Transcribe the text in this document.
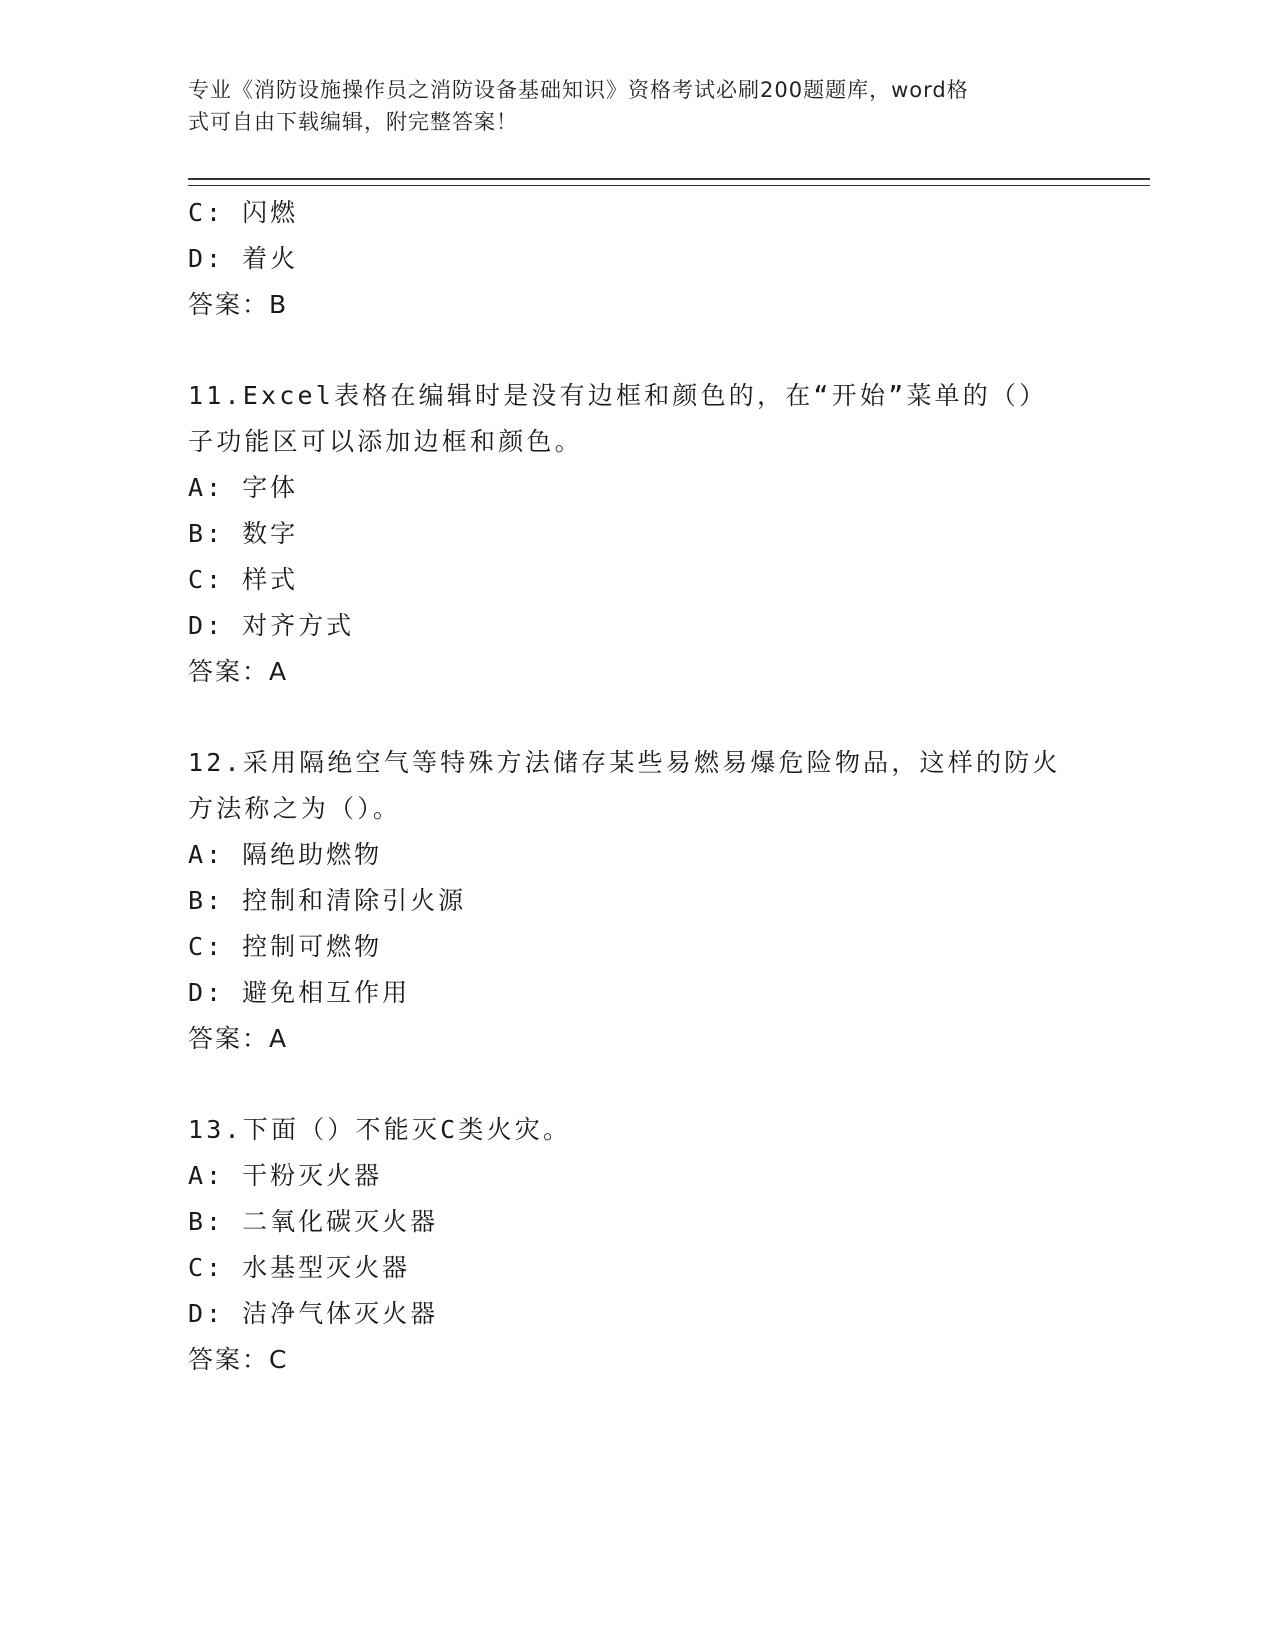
专业《消防设施操作员之消防设备基础知识》资格考试必刷200题题库，word格
式可自由下载编辑，附完整答案！
C: 闪燃
D: 着火
答案：B
11.Excel表格在编辑时是没有边框和颜色的，在“开始”菜单的（）
子功能区可以添加边框和颜色。
A: 字体
B: 数字
C: 样式
D: 对齐方式
答案：A
12.采用隔绝空气等特殊方法储存某些易燃易爆危险物品，这样的防火
方法称之为（）。
A: 隔绝助燃物
B: 控制和清除引火源
C: 控制可燃物
D: 避免相互作用
答案：A
13.下面（）不能灭C类火灾。
A: 干粉灭火器
B: 二氧化碳灭火器
C: 水基型灭火器
D: 洁净气体灭火器
答案：C
